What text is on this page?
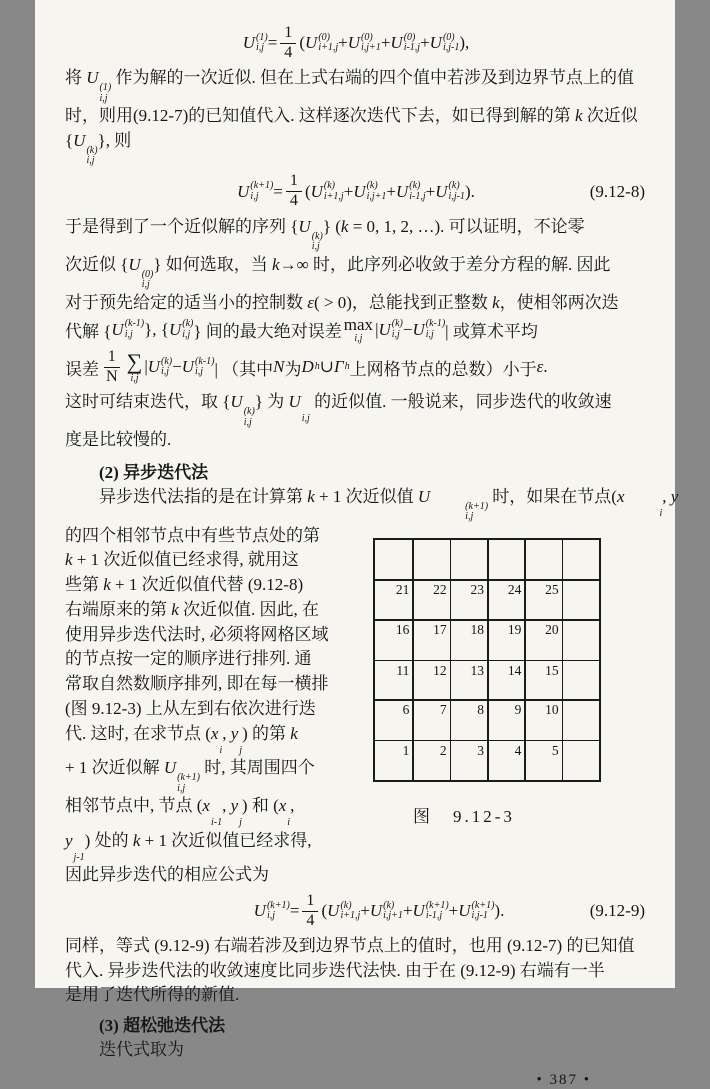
U (1)
$i,j = \frac{1}{4}$ ( U (0)
i+1,j + U (0)
i,j+1 + U (0)
i-1,j + U (0)
i,j-1 ),
将 U
(1)
i,j
作为解的一次近似. 但在上式右端的四个值中若涉及到边界节点上的值
时，则用(9.12-7)的已知值代入. 这样逐次迭代下去，如已得到解的第 k 次近似
{U
(k)
i,j
}, 则
U (k+1)
$i,j = \frac{1}{4}$ ( U (k)
i+1,j + U (k)
i,j+1 + U (k)
i-1,j + U (k)
i,j-1 ).	(9.12-8)
于是得到了一个近似解的序列 {U
(k)
i,j
} (k = 0, 1, 2, …). 可以证明，不论零
次近似 {U
(0)
i,j
} 如何选取，当 k→∞ 时，此序列必收敛于差分方程的解. 因此
对于预先给定的适当小的控制数 ε( > 0)，总能找到正整数 k，使相邻两次迭
代解 { U (k-1)
i,j }, { U (k)
i,j } 间的最大绝对误差 max
i,j | U (k)
i,j − U (k-1)
i,j | 或算术平均
误差 $\frac{1}{N}$ ∑
i,j
| U (k)
i,j − U (k-1)
i,j | （其中 N 为 D h ∪ Γ h 上网格节点的总数）小于 ε .
这时可结束迭代，取 {U
(k)
i,j
} 为 U
i,j
的近似值. 一般说来，同步迭代的收敛速
度是比较慢的.
(2) 异步迭代法
异步迭代法指的是在计算第 k + 1 次近似值 U
(k+1)
i,j
时，如果在节点(x
i
, y
的四个相邻节点中有些节点处的第
k + 1 次近似值已经求得, 就用这
些第 k + 1 次近似值代替 (9.12-8)
右端原来的第 k 次近似值. 因此, 在
使用异步迭代法时, 必须将网格区域
的节点按一定的顺序进行排列. 通
常取自然数顺序排列, 即在每一横排
(图 9.12-3) 上从左到右依次进行迭
代. 这时, 在求节点 (x
i
, y
j
) 的第 k
+ 1 次近似解 U
(k+1)
i,j
时, 其周围四个
相邻节点中, 节点 (x
i-1
, y
j
) 和 (x
i
,
y
j-1
) 处的 k + 1 次近似值已经求得,
因此异步迭代的相应公式为
21 22 23 24 25
16 17 18 19 20
11 12 13 14 15
6 7 8 9 10
1 2 3 4 5
图　9.12-3
U (k+1)
$i,j = \frac{1}{4}$ ( U (k)
i+1,j + U (k)
i,j+1 + U (k+1)
i-1,j + U (k+1)
i,j-1 ).	(9.12-9)
同样，等式 (9.12-9) 右端若涉及到边界节点上的值时，也用 (9.12-7) 的已知值
代入. 异步迭代法的收敛速度比同步迭代法快. 由于在 (9.12-9) 右端有一半
是用了迭代所得的新值.
(3) 超松弛迭代法
迭代式取为
• 387 •
